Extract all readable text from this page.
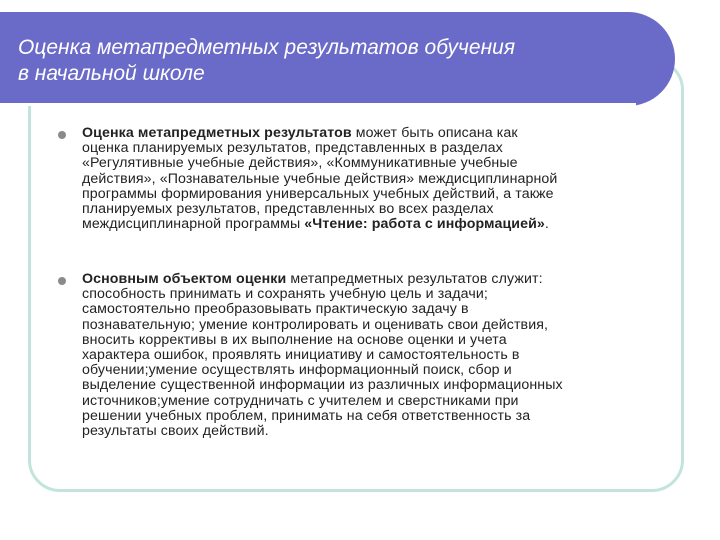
Оценка метапредметных результатов обучения
в начальной школе

Оценка метапредметных результатов может быть описана как
оценка планируемых результатов, представленных в разделах
«Регулятивные учебные действия», «Коммуникативные учебные
действия», «Познавательные учебные действия» междисциплинарной
программы формирования универсальных учебных действий, а также
планируемых результатов, представленных во всех разделах
междисциплинарной программы «Чтение: работа с информацией».

Основным объектом оценки метапредметных результатов служит:
способность принимать и сохранять учебную цель и задачи;
самостоятельно преобразовывать практическую задачу в
познавательную; умение контролировать и оценивать свои действия,
вносить коррективы в их выполнение на основе оценки и учета
характера ошибок, проявлять инициативу и самостоятельность в
обучении;умение осуществлять информационный поиск, сбор и
выделение существенной информации из различных информационных
источников;умение сотрудничать с учителем и сверстниками при
решении учебных проблем, принимать на себя ответственность за
результаты своих действий.
